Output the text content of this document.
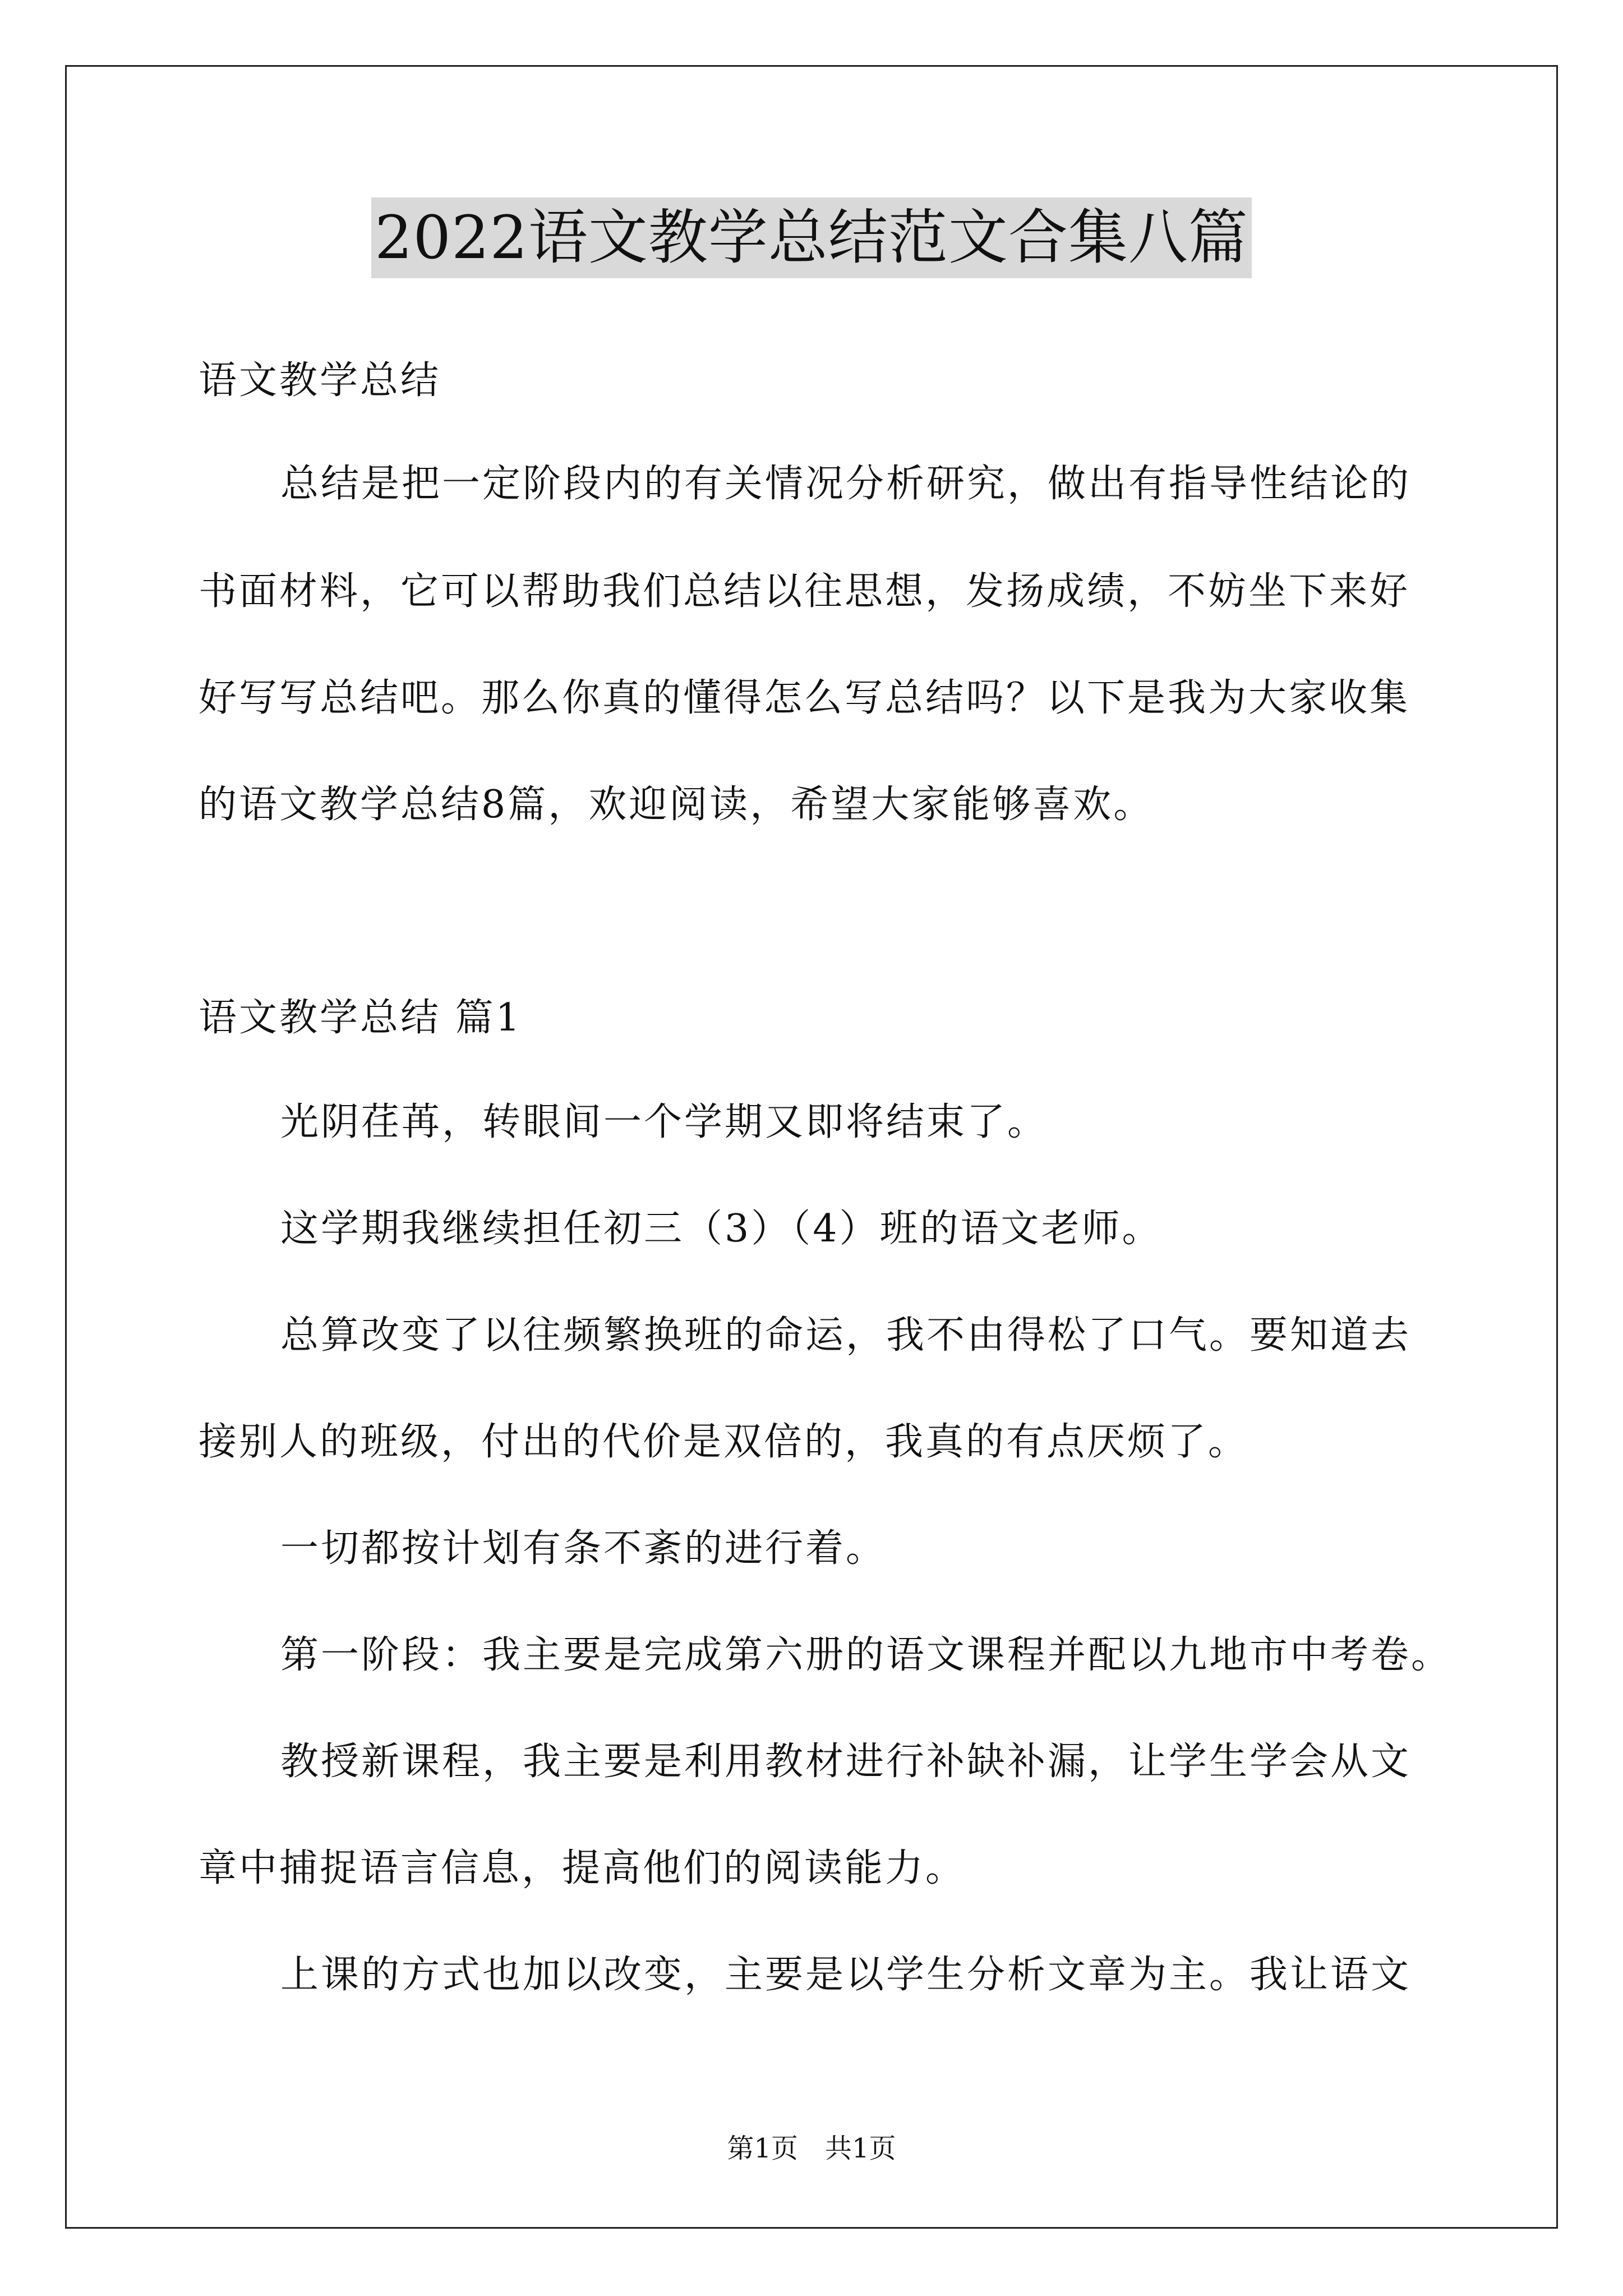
2022语文教学总结范文合集八篇
语文教学总结
总结是把一定阶段内的有关情况分析研究，做出有指导性结论的
书面材料，它可以帮助我们总结以往思想，发扬成绩，不妨坐下来好
好写写总结吧。那么你真的懂得怎么写总结吗？以下是我为大家收集
的语文教学总结8篇，欢迎阅读，希望大家能够喜欢。
语文教学总结 篇1
光阴荏苒，转眼间一个学期又即将结束了。
这学期我继续担任初三（3）（4）班的语文老师。
总算改变了以往频繁换班的命运，我不由得松了口气。要知道去
接别人的班级，付出的代价是双倍的，我真的有点厌烦了。
一切都按计划有条不紊的进行着。
第一阶段：我主要是完成第六册的语文课程并配以九地市中考卷。
教授新课程，我主要是利用教材进行补缺补漏，让学生学会从文
章中捕捉语言信息，提高他们的阅读能力。
上课的方式也加以改变，主要是以学生分析文章为主。我让语文
第1页　共1页
